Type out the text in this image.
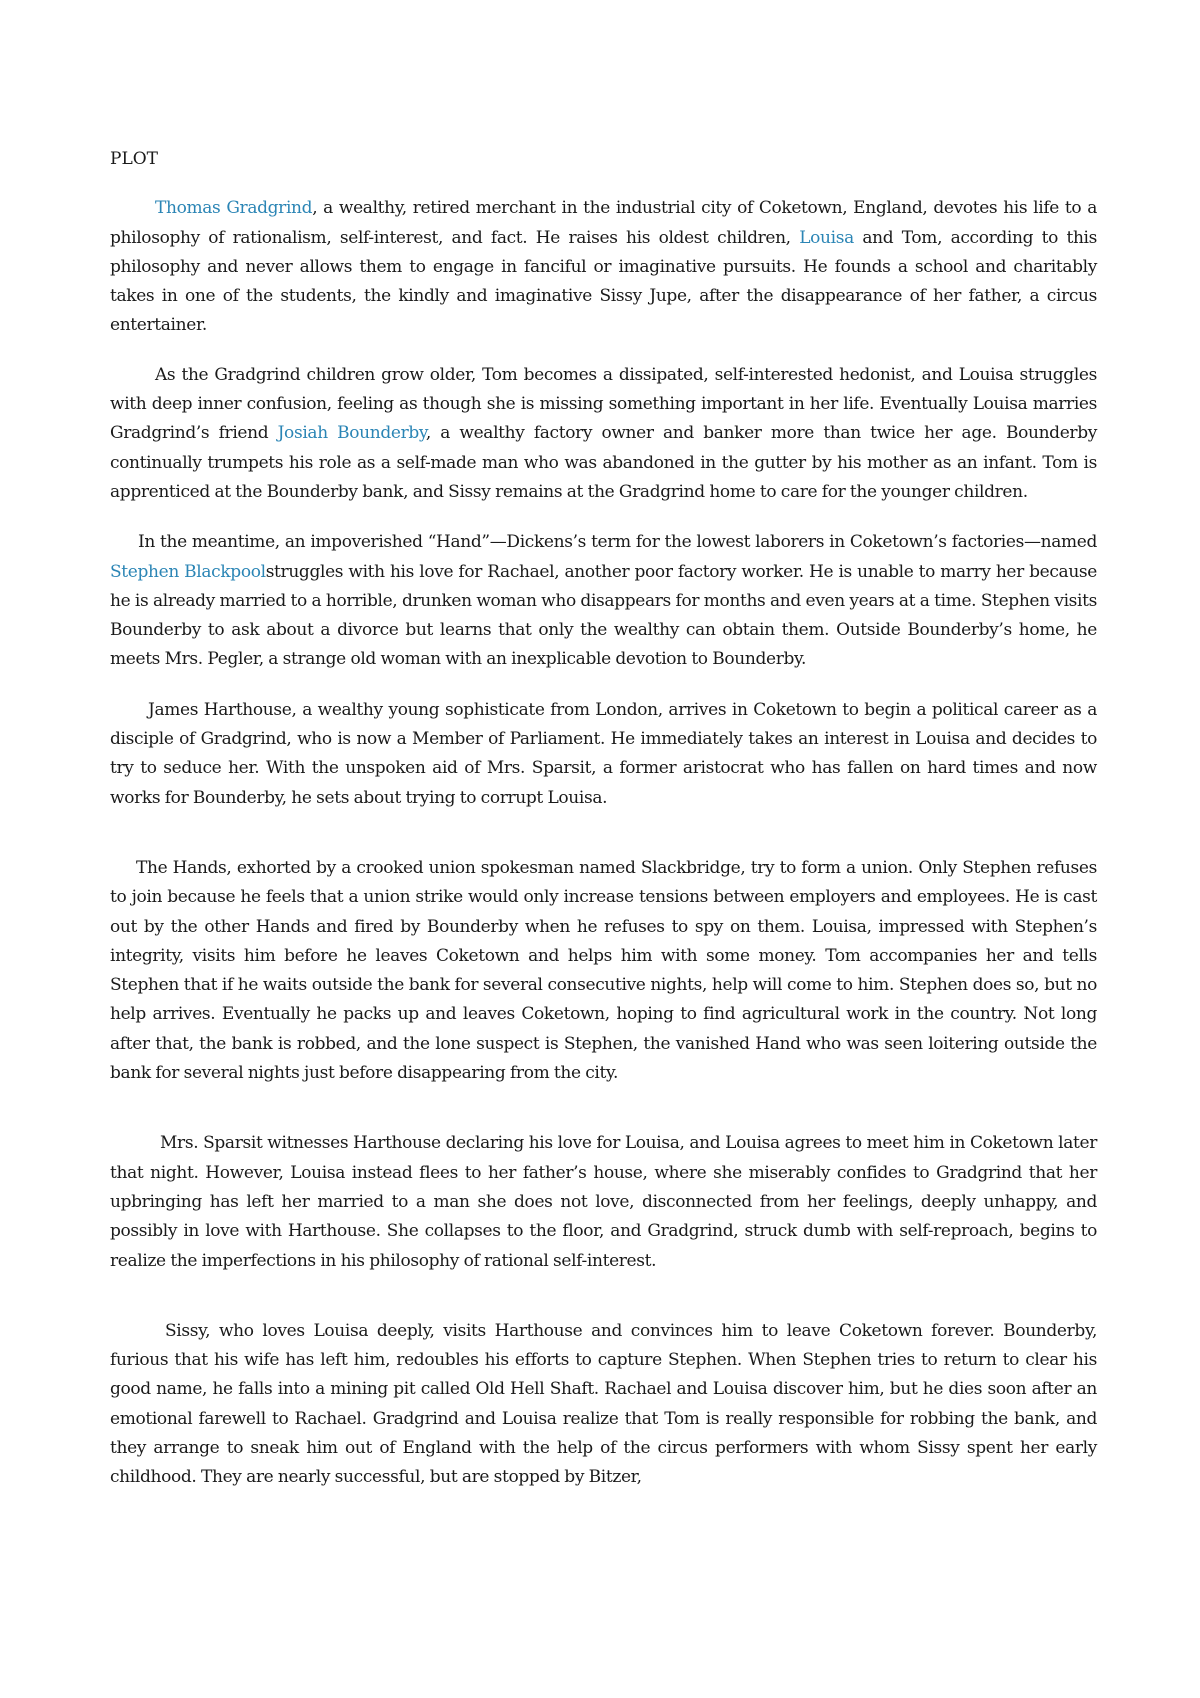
PLOT

Thomas Gradgrind, a wealthy, retired merchant in the industrial city of Coketown, England, devotes his life to a philosophy of rationalism, self-interest, and fact. He raises his oldest children, Louisa and Tom, according to this philosophy and never allows them to engage in fanciful or imaginative pursuits. He founds a school and charitably takes in one of the students, the kindly and imaginative Sissy Jupe, after the disappearance of her father, a circus entertainer.

As the Gradgrind children grow older, Tom becomes a dissipated, self-interested hedonist, and Louisa struggles with deep inner confusion, feeling as though she is missing something important in her life. Eventually Louisa marries Gradgrind’s friend Josiah Bounderby, a wealthy factory owner and banker more than twice her age. Bounderby continually trumpets his role as a self-made man who was abandoned in the gutter by his mother as an infant. Tom is apprenticed at the Bounderby bank, and Sissy remains at the Gradgrind home to care for the younger children.

In the meantime, an impoverished “Hand”—Dickens’s term for the lowest laborers in Coketown’s factories—named Stephen Blackpoolstruggles with his love for Rachael, another poor factory worker. He is unable to marry her because he is already married to a horrible, drunken woman who disappears for months and even years at a time. Stephen visits Bounderby to ask about a divorce but learns that only the wealthy can obtain them. Outside Bounderby’s home, he meets Mrs. Pegler, a strange old woman with an inexplicable devotion to Bounderby.

James Harthouse, a wealthy young sophisticate from London, arrives in Coketown to begin a political career as a disciple of Gradgrind, who is now a Member of Parliament. He immediately takes an interest in Louisa and decides to try to seduce her. With the unspoken aid of Mrs. Sparsit, a former aristocrat who has fallen on hard times and now works for Bounderby, he sets about trying to corrupt Louisa.

The Hands, exhorted by a crooked union spokesman named Slackbridge, try to form a union. Only Stephen refuses to join because he feels that a union strike would only increase tensions between employers and employees. He is cast out by the other Hands and fired by Bounderby when he refuses to spy on them. Louisa, impressed with Stephen’s integrity, visits him before he leaves Coketown and helps him with some money. Tom accompanies her and tells Stephen that if he waits outside the bank for several consecutive nights, help will come to him. Stephen does so, but no help arrives. Eventually he packs up and leaves Coketown, hoping to find agricultural work in the country. Not long after that, the bank is robbed, and the lone suspect is Stephen, the vanished Hand who was seen loitering outside the bank for several nights just before disappearing from the city.

Mrs. Sparsit witnesses Harthouse declaring his love for Louisa, and Louisa agrees to meet him in Coketown later that night. However, Louisa instead flees to her father’s house, where she miserably confides to Gradgrind that her upbringing has left her married to a man she does not love, disconnected from her feelings, deeply unhappy, and possibly in love with Harthouse. She collapses to the floor, and Gradgrind, struck dumb with self-reproach, begins to realize the imperfections in his philosophy of rational self-interest.

Sissy, who loves Louisa deeply, visits Harthouse and convinces him to leave Coketown forever. Bounderby, furious that his wife has left him, redoubles his efforts to capture Stephen. When Stephen tries to return to clear his good name, he falls into a mining pit called Old Hell Shaft. Rachael and Louisa discover him, but he dies soon after an emotional farewell to Rachael. Gradgrind and Louisa realize that Tom is really responsible for robbing the bank, and they arrange to sneak him out of England with the help of the circus performers with whom Sissy spent her early childhood. They are nearly successful, but are stopped by Bitzer,
